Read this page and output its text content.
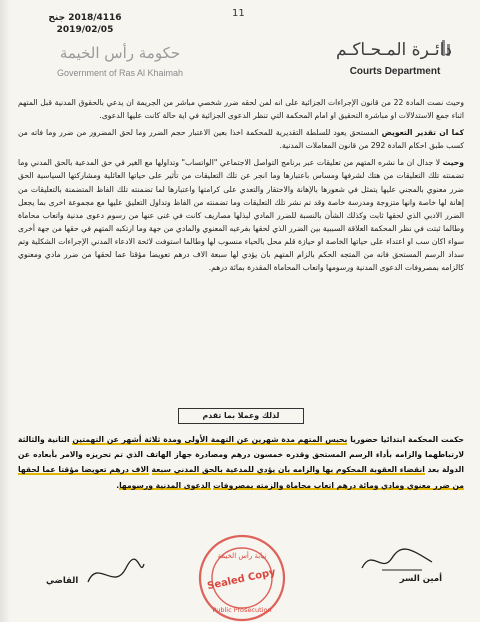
2018/4116 جنح
2019/02/05
11
حكومة رأس الخيمة
Government of Ras Al Khaimah
دائـرة المـحـاكـم
Courts Department

وحيث نصت المادة 22 من قانون الإجراءات الجزائية على انه لمن لحقه ضرر شخصي مباشر من الجريمة ان يدعي بالحقوق المدنية قبل المتهم اثناء جمع الاستدلالات او مباشرة التحقيق او امام المحكمة التي تنظر الدعوى الجزائية في اية حالة كانت عليها الدعوى.

كما ان تقدير التعويض المستحق يعود للسلطة التقديرية للمحكمة اخذا بعين الاعتبار حجم الضرر وما لحق المضرور من ضرر وما فاته من كسب طبق احكام المادة 292 من قانون المعاملات المدنية.

وحيث لا جدال ان ما نشره المتهم من تعليقات عبر برنامج التواصل الاجتماعي "الواتساب" وتداولها مع الغير في حق المدعية بالحق المدني وما تضمنته تلك التعليقات من هتك لشرفها ومساس باعتبارها وما انجر عن تلك التعليقات من تأثير على حياتها العائلية ومشاركتها السياسية الحق ضرر معنوي بالمجني عليها يتمثل في شعورها بالإهانة والاحتقار والتعدي على كرامتها واعتبارها لما تضمنته تلك الفاظ المتضمنة بالتعليقات من إهانة لها خاصة وانها متزوجة ومدرسة خاصة وقد تم نشر تلك التعليقات وما تضمنته من الفاظ وتداول التعليق عليها مع مجموعة اخرى بما يجعل الضرر الادبي الذي لحقها ثابت وكذلك الشأن بالنسبة للضرر المادي لبذلها مصاريف كانت في غنى عنها من رسوم دعوى مدنية واتعاب محاماة وطالما ثبتت في نظر المحكمة العلاقة السببية بين الضرر الذي لحقها بفرعيه المعنوي والمادي من جهة وما ارتكبه المتهم في حقها من جهة أخرى سواء اكان سب او اعتداء على حياتها الخاصة او حيازة قلم محل بالحياء منسوب لها وطالما استوفت لائحة الادعاء المدني الإجراءات الشكلية وتم سداد الرسم المستحق فانه من المتجه الحكم بالزام المتهم بان يؤدي لها سبعة الاف درهم تعويضا مؤقتا عما لحقها من ضرر مادي ومعنوي كالزامه بمصروفات الدعوى المدنية ورسومها واتعاب المحاماة المقدرة بمائة درهم.

لذلك وعملا بما تقدم
حكمت المحكمة ابتدائيا حضوريا بحبس المتهم مدة شهرين عن التهمة الأولى ومدة ثلاثة أشهر عن التهمتين الثانية والثالثة لارتباطهما والزامه بأداء الرسم المستحق وقدره خمسون درهم ومصادرة جهاز الهاتف الذي تم تحريزه والامر بأبعاده عن الدولة بعد انقضاء العقوبة المحكوم بها والزامه بان يؤدي للمدعية بالحق المدني سبعة الاف درهم تعويضا مؤقتا عما لحقها من ضرر معنوي ومادي ومائة درهم اتعاب محاماة والزمته بمصروفات الدعوى المدنية ورسومها.
أمين السر
نيابة رأس الخيمة
Sealed Copy
Public Prosecution
القاضي
